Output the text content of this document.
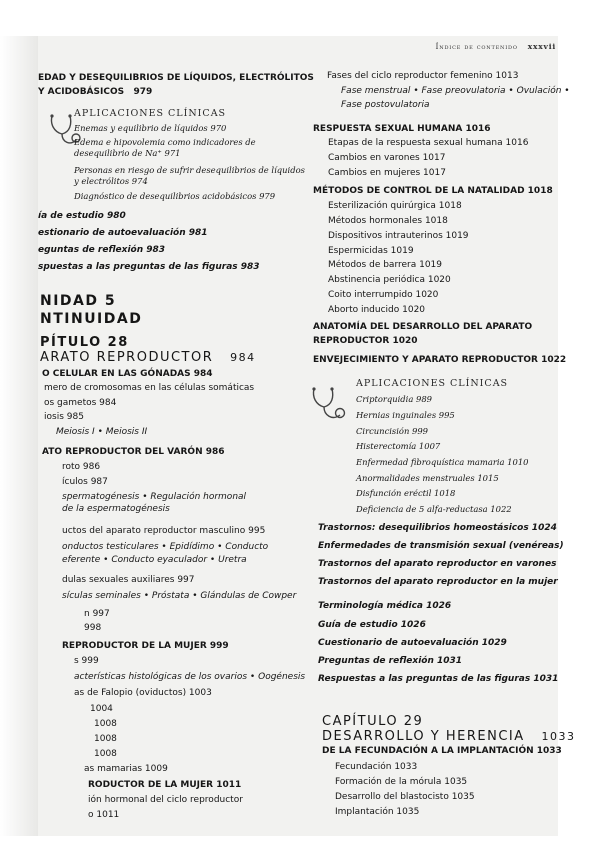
Índice de contenido xxxvii
EDAD Y DESEQUILIBRIOS DE LÍQUIDOS, ELECTRÓLITOS
Y ACIDOBÁSICOS 979
APLICACIONES CLÍNICAS
Enemas y equilibrio de líquidos 970
Edema e hipovolemia como indicadores de
desequilibrio de Na⁺ 971
Personas en riesgo de sufrir desequilibrios de líquidos
y electrólitos 974
Diagnóstico de desequilibrios acidobásicos 979
ía de estudio 980
estionario de autoevaluación 981
eguntas de reflexión 983
spuestas a las preguntas de las figuras 983
NIDAD 5
NTINUIDAD
PÍTULO 28
ARATO REPRODUCTOR 984
O CELULAR EN LAS GÓNADAS 984
mero de cromosomas en las células somáticas
os gametos 984
iosis 985
Meiosis I • Meiosis II
ATO REPRODUCTOR DEL VARÓN 986
roto 986
ículos 987
spermatogénesis • Regulación hormonal
de la espermatogénesis
uctos del aparato reproductor masculino 995
onductos testiculares • Epidídimo • Conducto
eferente • Conducto eyaculador • Uretra
dulas sexuales auxiliares 997
sículas seminales • Próstata • Glándulas de Cowper
n 997
998
REPRODUCTOR DE LA MUJER 999
s 999
acterísticas histológicas de los ovarios • Oogénesis
as de Falopio (oviductos) 1003
1004
1008
1008
1008
as mamarias 1009
RODUCTOR DE LA MUJER 1011
ión hormonal del ciclo reproductor
o 1011
Fases del ciclo reproductor femenino 1013
Fase menstrual • Fase preovulatoria • Ovulación •
Fase postovulatoria
RESPUESTA SEXUAL HUMANA 1016
Etapas de la respuesta sexual humana 1016
Cambios en varones 1017
Cambios en mujeres 1017
MÉTODOS DE CONTROL DE LA NATALIDAD 1018
Esterilización quirúrgica 1018
Métodos hormonales 1018
Dispositivos intrauterinos 1019
Espermicidas 1019
Métodos de barrera 1019
Abstinencia periódica 1020
Coito interrumpido 1020
Aborto inducido 1020
ANATOMÍA DEL DESARROLLO DEL APARATO
REPRODUCTOR 1020
ENVEJECIMIENTO Y APARATO REPRODUCTOR 1022
APLICACIONES CLÍNICAS
Criptorquidia 989
Hernias inguinales 995
Circuncisión 999
Histerectomía 1007
Enfermedad fibroquística mamaria 1010
Anormalidades menstruales 1015
Disfunción eréctil 1018
Deficiencia de 5 alfa-reductasa 1022
Trastornos: desequilibrios homeostásicos 1024
Enfermedades de transmisión sexual (venéreas)
Trastornos del aparato reproductor en varones
Trastornos del aparato reproductor en la mujer
Terminología médica 1026
Guía de estudio 1026
Cuestionario de autoevaluación 1029
Preguntas de reflexión 1031
Respuestas a las preguntas de las figuras 1031
CAPÍTULO 29
DESARROLLO Y HERENCIA 1033
DE LA FECUNDACIÓN A LA IMPLANTACIÓN 1033
Fecundación 1033
Formación de la mórula 1035
Desarrollo del blastocisto 1035
Implantación 1035
